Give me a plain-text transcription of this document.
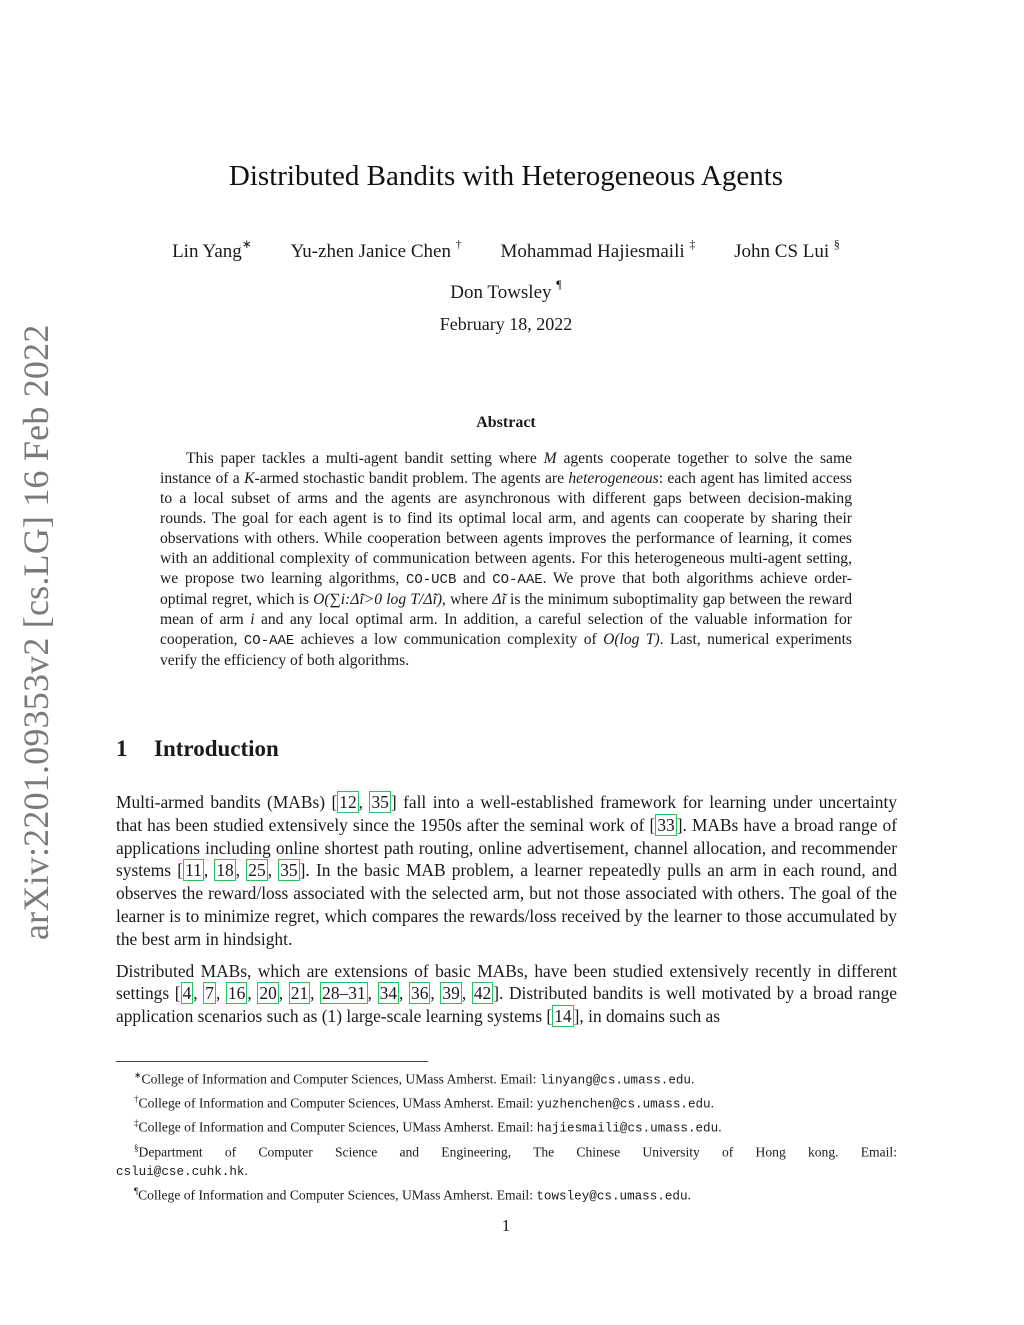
arXiv:2201.09353v2 [cs.LG] 16 Feb 2022
Distributed Bandits with Heterogeneous Agents
Lin Yang∗ Yu-zhen Janice Chen † Mohammad Hajiesmaili ‡ John CS Lui §
Don Towsley ¶
February 18, 2022
Abstract

This paper tackles a multi-agent bandit setting where M agents cooperate together to solve the same instance of a K-armed stochastic bandit problem. The agents are heterogeneous: each agent has limited access to a local subset of arms and the agents are asynchronous with different gaps between decision-making rounds. The goal for each agent is to find its optimal local arm, and agents can cooperate by sharing their observations with others. While cooperation between agents improves the performance of learning, it comes with an additional complexity of communication between agents. For this heterogeneous multi-agent setting, we propose two learning algorithms, CO-UCB and CO-AAE. We prove that both algorithms achieve order-optimal regret, which is O(∑i:Δ̃i>0 log T/Δ̃i), where Δ̃i is the minimum suboptimality gap between the reward mean of arm i and any local optimal arm. In addition, a careful selection of the valuable information for cooperation, CO-AAE achieves a low communication complexity of O(log T). Last, numerical experiments verify the efficiency of both algorithms.

1 Introduction

Multi-armed bandits (MABs) [ 12 , 35 ] fall into a well-established framework for learning under uncertainty that has been studied extensively since the 1950s after the seminal work of [ 33 ]. MABs have a broad range of applications including online shortest path routing, online advertisement, channel allocation, and recommender systems [ 11 , 18 , 25 , 35 ]. In the basic MAB problem, a learner repeatedly pulls an arm in each round, and observes the reward/loss associated with the selected arm, but not those associated with others. The goal of the learner is to minimize regret, which compares the rewards/loss received by the learner to those accumulated by the best arm in hindsight.

Distributed MABs, which are extensions of basic MABs, have been studied extensively recently in different settings [ 4 , 7 , 16 , 20 , 21 , 28–31 , 34 , 36 , 39 , 42 ]. Distributed bandits is well motivated by a broad range application scenarios such as (1) large-scale learning systems [ 14 ], in domains such as

∗College of Information and Computer Sciences, UMass Amherst. Email: linyang@cs.umass.edu.
†College of Information and Computer Sciences, UMass Amherst. Email: yuzhenchen@cs.umass.edu.
‡College of Information and Computer Sciences, UMass Amherst. Email: hajiesmaili@cs.umass.edu.
§Department of Computer Science and Engineering, The Chinese University of Hong kong. Email:
cslui@cse.cuhk.hk.
¶College of Information and Computer Sciences, UMass Amherst. Email: towsley@cs.umass.edu.
1
